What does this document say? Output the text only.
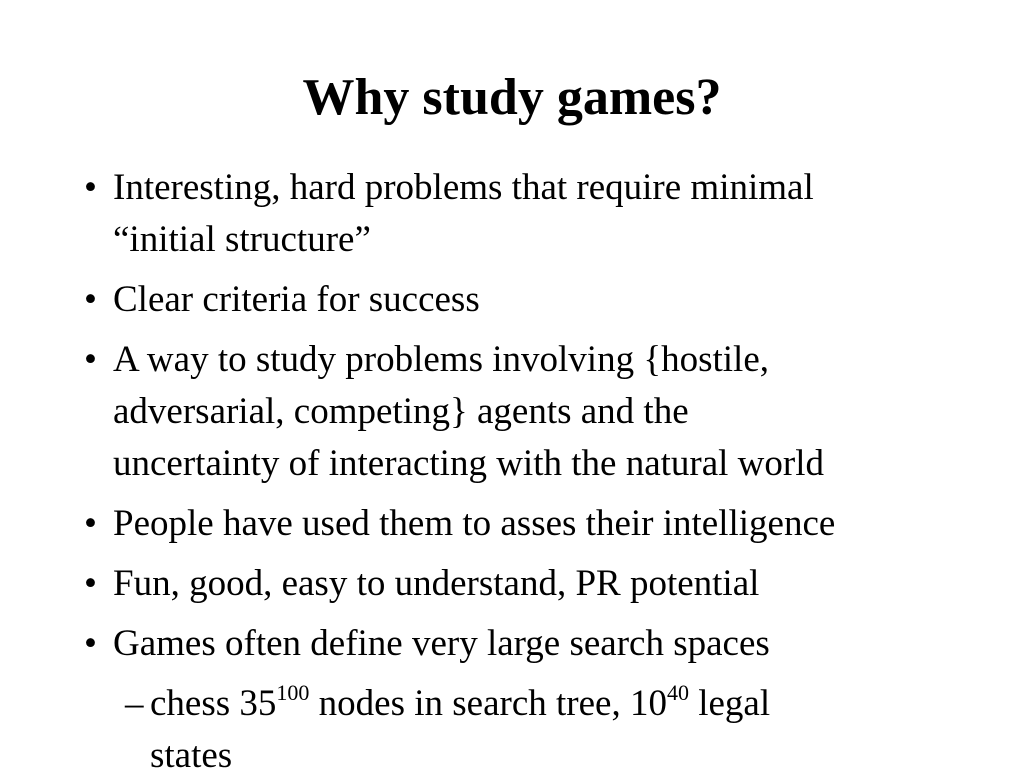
Why study games?
• Interesting, hard problems that require minimal
“initial structure”
• Clear criteria for success
• A way to study problems involving {hostile,
adversarial, competing} agents and the
uncertainty of interacting with the natural world
• People have used them to asses their intelligence
• Fun, good, easy to understand, PR potential
• Games often define very large search spaces
– chess $35^{100}$ nodes in search tree, $10^{40}$ legal
states
